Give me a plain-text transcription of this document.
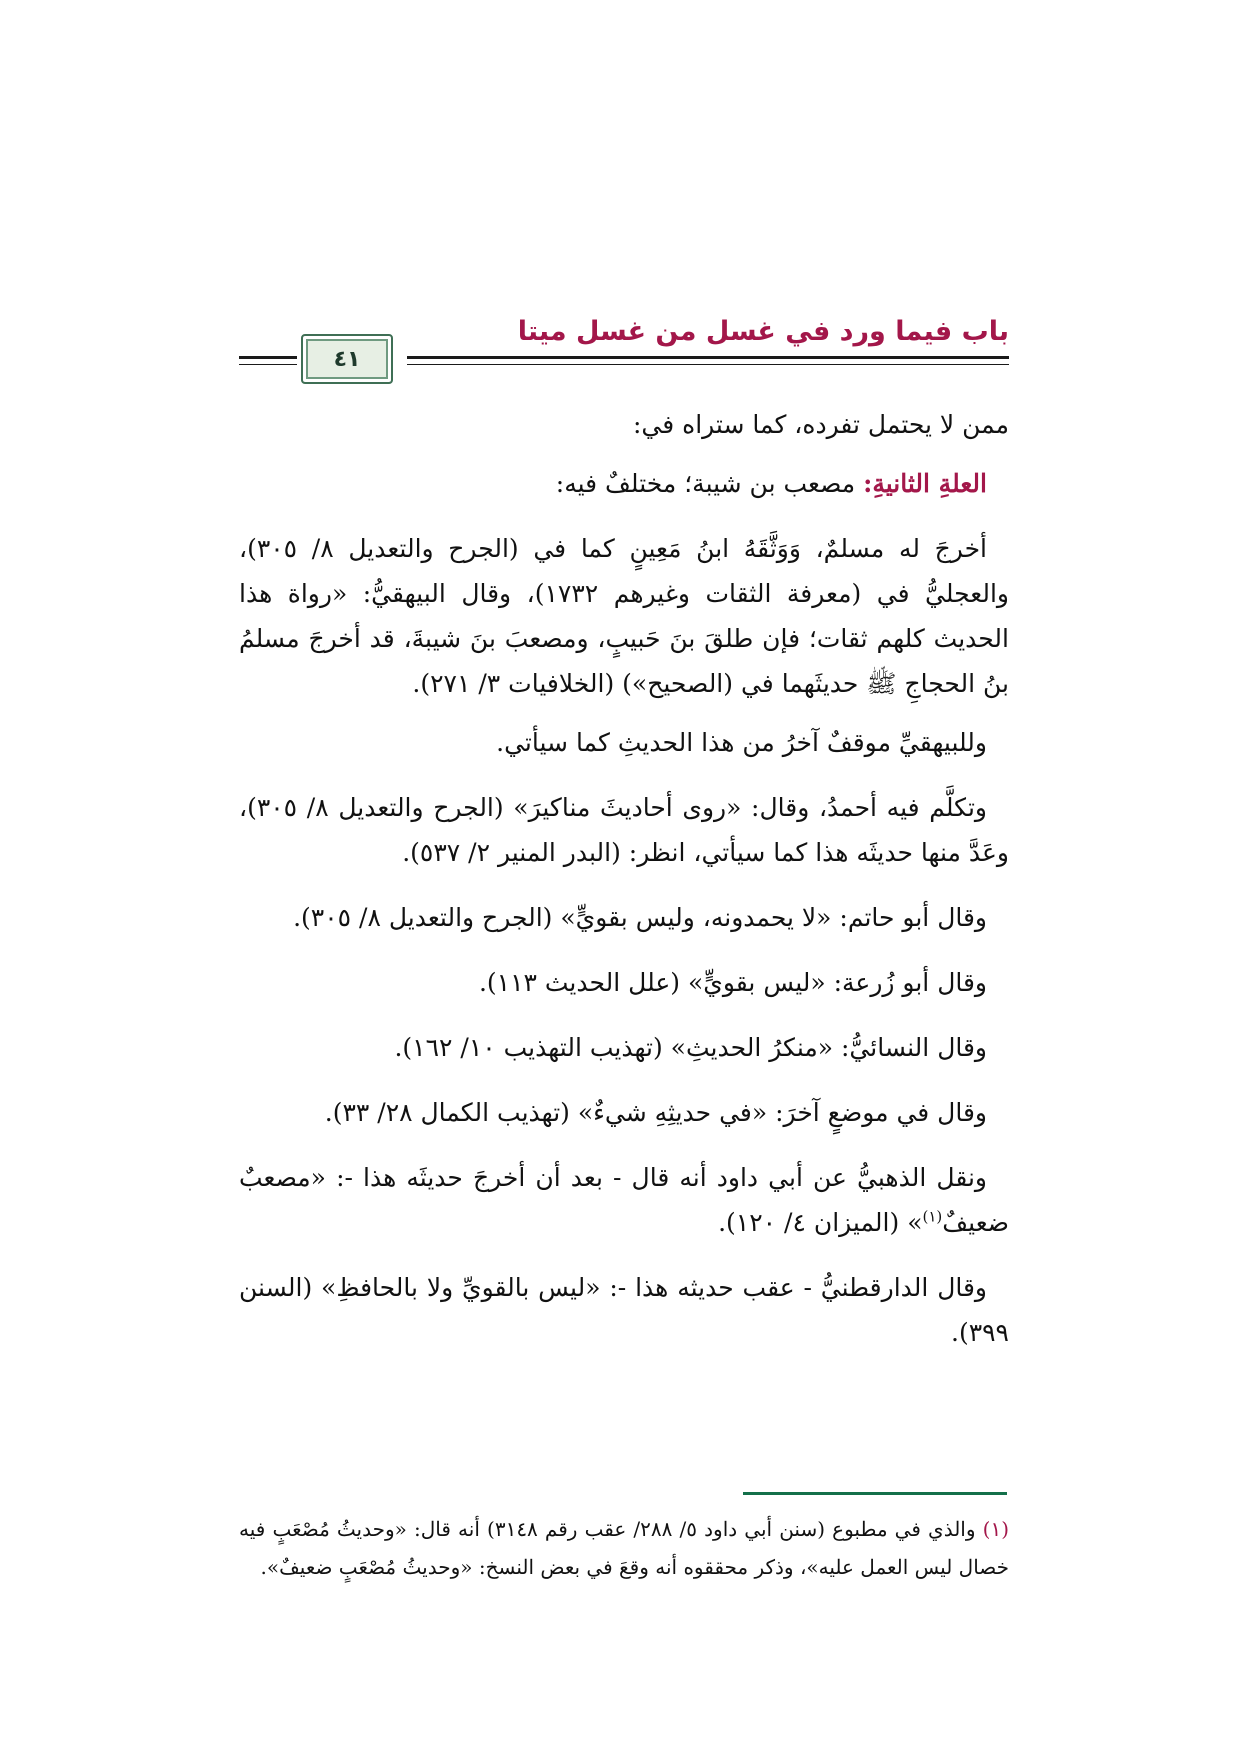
باب فيما ورد في غسل من غسل ميتا
٤١

ممن لا يحتمل تفرده، كما ستراه في:

العلةِ الثانيةِ: مصعب بن شيبة؛ مختلفٌ فيه:

أخرجَ له مسلمٌ، وَوَثَّقَهُ ابنُ مَعِينٍ كما في (الجرح والتعديل ٨/ ٣٠٥)، والعجليُّ في (معرفة الثقات وغيرهم ١٧٣٢)، وقال البيهقيُّ: «رواة هذا الحديث كلهم ثقات؛ فإن طلقَ بنَ حَبيبٍ، ومصعبَ بنَ شيبةَ، قد أخرجَ مسلمُ بنُ الحجاجِ ﷺ حديثَهما في (الصحيح») (الخلافيات ٣/ ٢٧١).

وللبيهقيِّ موقفٌ آخرُ من هذا الحديثِ كما سيأتي.

وتكلَّم فيه أحمدُ، وقال: «روى أحاديثَ مناكيرَ» (الجرح والتعديل ٨/ ٣٠٥)، وعَدَّ منها حديثَه هذا كما سيأتي، انظر: (البدر المنير ٢/ ٥٣٧).

وقال أبو حاتم: «لا يحمدونه، وليس بقويٍّ» (الجرح والتعديل ٨/ ٣٠٥).

وقال أبو زُرعة: «ليس بقويٍّ» (علل الحديث ١١٣).

وقال النسائيُّ: «منكرُ الحديثِ» (تهذيب التهذيب ١٠/ ١٦٢).

وقال في موضعٍ آخرَ: «في حديثِهِ شيءٌ» (تهذيب الكمال ٢٨/ ٣٣).

ونقل الذهبيُّ عن أبي داود أنه قال - بعد أن أخرجَ حديثَه هذا -: «مصعبٌ ضعيفٌ$^{(١)}$» (الميزان ٤/ ١٢٠).

وقال الدارقطنيُّ - عقب حديثه هذا -: «ليس بالقويِّ ولا بالحافظِ» (السنن ٣٩٩).

(١) والذي في مطبوع (سنن أبي داود ٥/ ٢٨٨/ عقب رقم ٣١٤٨) أنه قال: «وحديثُ مُصْعَبٍ فيه خصال ليس العمل عليه»، وذكر محققوه أنه وقعَ في بعض النسخ: «وحديثُ مُصْعَبٍ ضعيفٌ».
